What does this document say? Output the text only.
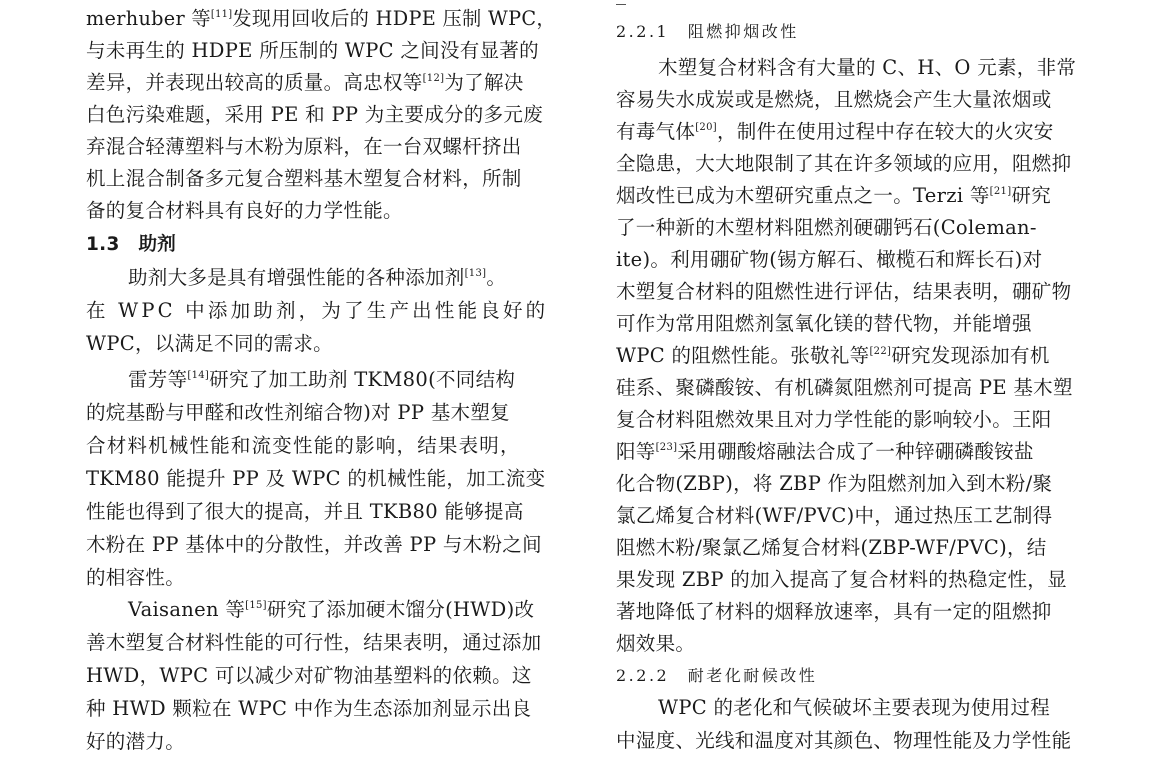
merhuber 等[11]发现用回收后的 HDPE 压制 WPC，
与未再生的 HDPE 所压制的 WPC 之间没有显著的
差异，并表现出较高的质量。高忠权等[12]为了解决
白色污染难题，采用 PE 和 PP 为主要成分的多元废
弃混合轻薄塑料与木粉为原料，在一台双螺杆挤出
机上混合制备多元复合塑料基木塑复合材料，所制
备的复合材料具有良好的力学性能。
1.3　助剂
助剂大多是具有增强性能的各种添加剂[13]。
在 WPC 中添加助剂，为了生产出性能良好的
WPC，以满足不同的需求。
雷芳等[14]研究了加工助剂 TKM80(不同结构
的烷基酚与甲醛和改性剂缩合物)对 PP 基木塑复
合材料机械性能和流变性能的影响，结果表明，
TKM80 能提升 PP 及 WPC 的机械性能，加工流变
性能也得到了很大的提高，并且 TKB80 能够提高
木粉在 PP 基体中的分散性，并改善 PP 与木粉之间
的相容性。
Vaisanen 等[15]研究了添加硬木馏分(HWD)改
善木塑复合材料性能的可行性，结果表明，通过添加
HWD，WPC 可以减少对矿物油基塑料的依赖。这
种 HWD 颗粒在 WPC 中作为生态添加剂显示出良
好的潜力。
2.2.1　阻燃抑烟改性
木塑复合材料含有大量的 C、H、O 元素，非常
容易失水成炭或是燃烧，且燃烧会产生大量浓烟或
有毒气体[20]，制件在使用过程中存在较大的火灾安
全隐患，大大地限制了其在许多领域的应用，阻燃抑
烟改性已成为木塑研究重点之一。Terzi 等[21]研究
了一种新的木塑材料阻燃剂硬硼钙石(Coleman-
ite)。利用硼矿物(锡方解石、橄榄石和辉长石)对
木塑复合材料的阻燃性进行评估，结果表明，硼矿物
可作为常用阻燃剂氢氧化镁的替代物，并能增强
WPC 的阻燃性能。张敬礼等[22]研究发现添加有机
硅系、聚磷酸铵、有机磷氮阻燃剂可提高 PE 基木塑
复合材料阻燃效果且对力学性能的影响较小。王阳
阳等[23]采用硼酸熔融法合成了一种锌硼磷酸铵盐
化合物(ZBP)，将 ZBP 作为阻燃剂加入到木粉/聚
氯乙烯复合材料(WF/PVC)中，通过热压工艺制得
阻燃木粉/聚氯乙烯复合材料(ZBP-WF/PVC)，结
果发现 ZBP 的加入提高了复合材料的热稳定性，显
著地降低了材料的烟释放速率，具有一定的阻燃抑
烟效果。
2.2.2　耐老化耐候改性
WPC 的老化和气候破坏主要表现为使用过程
中湿度、光线和温度对其颜色、物理性能及力学性能
